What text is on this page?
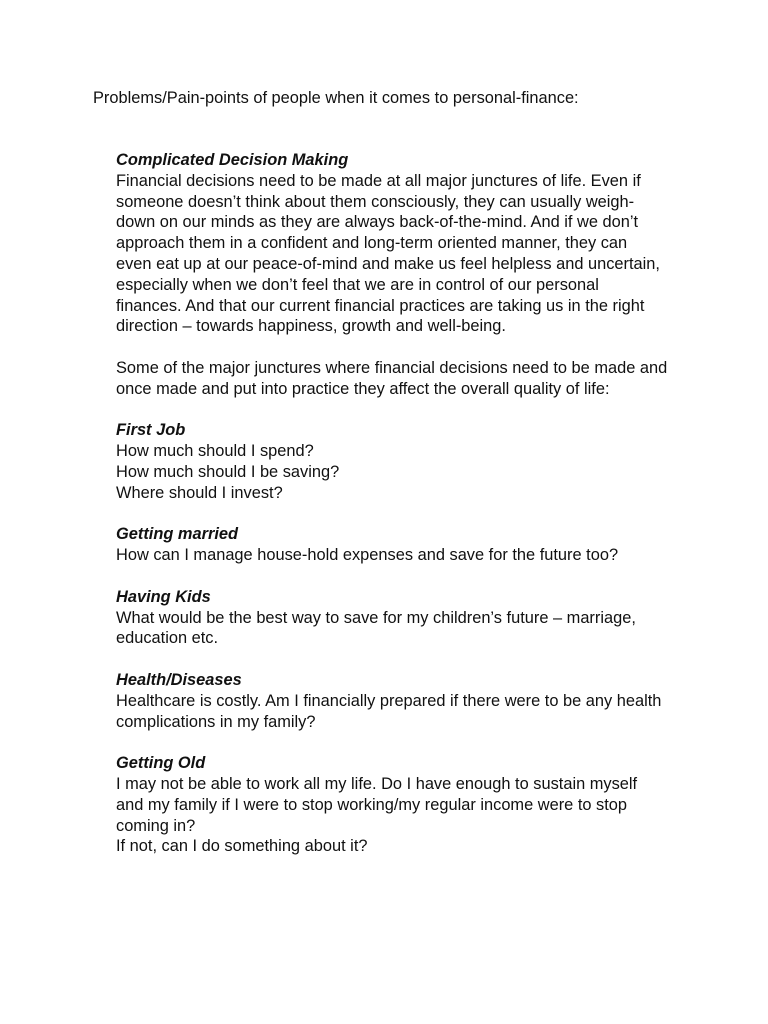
Problems/Pain-points of people when it comes to personal-finance:
Complicated Decision Making
Financial decisions need to be made at all major junctures of life. Even if
someone doesn’t think about them consciously, they can usually weigh-
down on our minds as they are always back-of-the-mind. And if we don’t
approach them in a confident and long-term oriented manner, they can
even eat up at our peace-of-mind and make us feel helpless and uncertain,
especially when we don’t feel that we are in control of our personal
finances. And that our current financial practices are taking us in the right
direction – towards happiness, growth and well-being.
Some of the major junctures where financial decisions need to be made and
once made and put into practice they affect the overall quality of life:
First Job
How much should I spend?
How much should I be saving?
Where should I invest?
Getting married
How can I manage house-hold expenses and save for the future too?
Having Kids
What would be the best way to save for my children’s future – marriage,
education etc.
Health/Diseases
Healthcare is costly. Am I financially prepared if there were to be any health
complications in my family?
Getting Old
I may not be able to work all my life. Do I have enough to sustain myself
and my family if I were to stop working/my regular income were to stop
coming in?
If not, can I do something about it?
